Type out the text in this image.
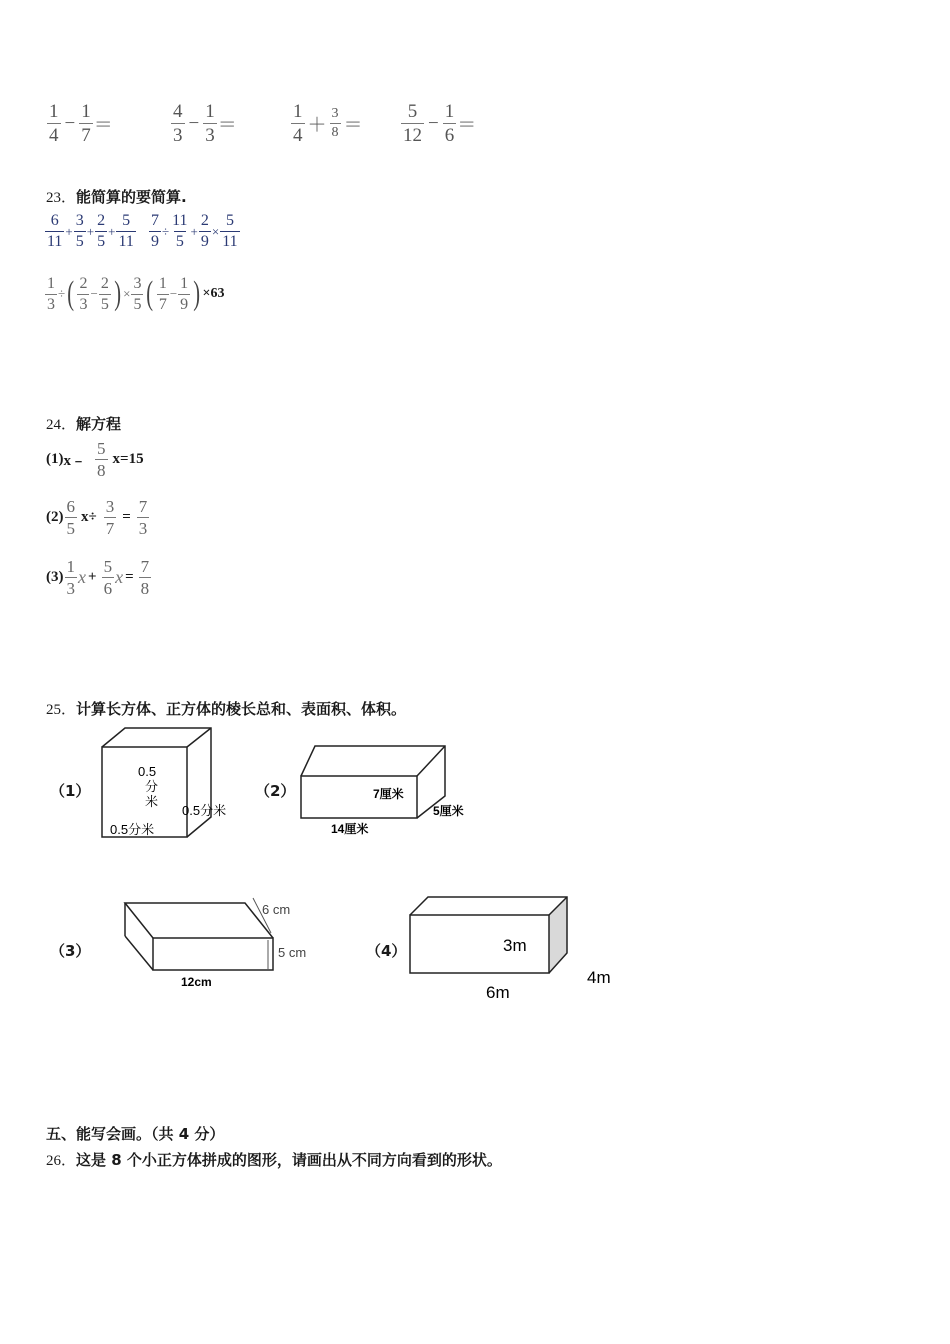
1
4
− $\frac{1}{7}$ ＝
4
3
− $\frac{1}{3}$ ＝
1
4 ＋
3
8 ＝
5
12
− $\frac{1}{6}$ ＝
23．能简算的要简算.
6
11
+ $\frac{3}{5} + \frac{2}{5} + \frac{5}{11} \frac{7}{9} \div \frac{11}{5} + \frac{2}{9} \times \frac{5}{11}$
$\frac{1}{3}$ ÷ ( 2
3
− $\frac{2}{5}$ ) × $\frac{3}{5}$ ( 1
7
− $\frac{1}{9}$ ) ×63
24．解方程
(1) x﹣
5
8
x=15
(2)
6
5
$x\div \frac{3}{7} = \frac{7}{3}$
(3)
1
3
$x + \frac{5}{6}$ $x = \frac{7}{8}$
25．计算长方体、正方体的棱长总和、表面积、体积。
（1）
0.5
分
米
0.5分米
0.5分米
（2）	7厘米
5厘米
14厘米
（3）
6 cm
5 cm
12cm
（4）	3m
6m
4m
五、能写会画。（共 4 分）
26．这是 8 个小正方体拼成的图形，请画出从不同方向看到的形状。
